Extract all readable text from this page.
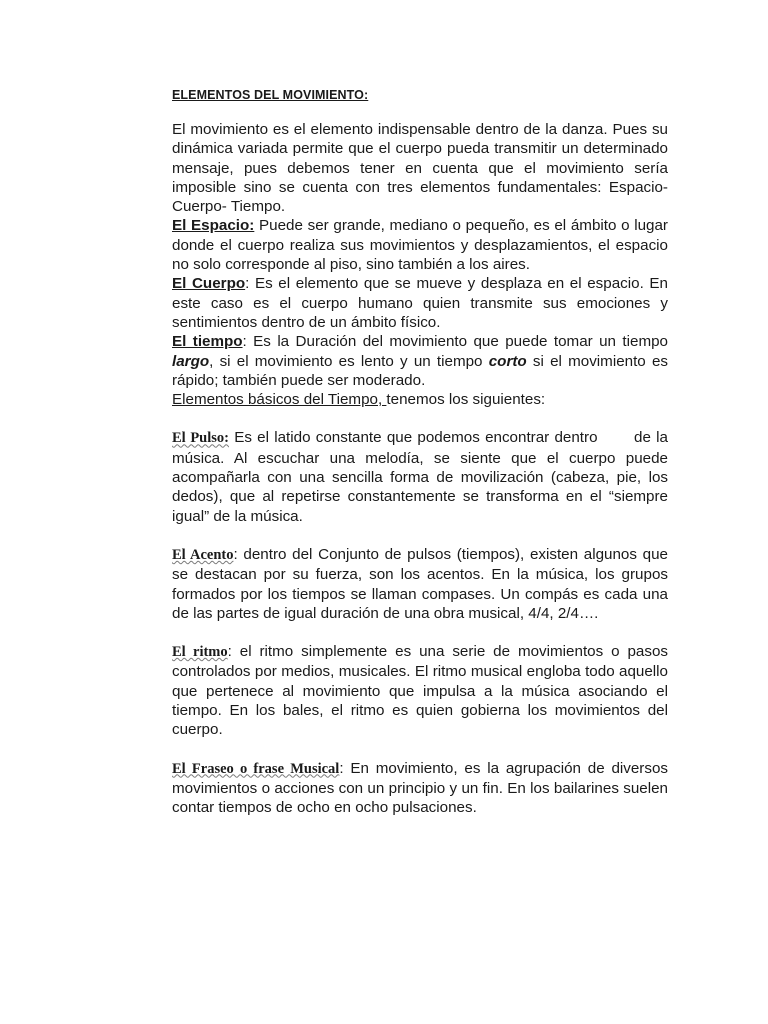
ELEMENTOS DEL MOVIMIENTO:

El movimiento es el elemento indispensable dentro de la danza. Pues su dinámica variada permite que el cuerpo pueda transmitir un determinado mensaje, pues debemos tener en cuenta que el movimiento sería imposible sino se cuenta con tres elementos fundamentales: Espacio- Cuerpo- Tiempo.

El Espacio: Puede ser grande, mediano o pequeño, es el ámbito o lugar donde el cuerpo realiza sus movimientos y desplazamientos, el espacio no solo corresponde al piso, sino también a los aires.

El Cuerpo: Es el elemento que se mueve y desplaza en el espacio. En este caso es el cuerpo humano quien transmite sus emociones y sentimientos dentro de un ámbito físico.

El tiempo: Es la Duración del movimiento que puede tomar un tiempo largo, si el movimiento es lento y un tiempo corto si el movimiento es rápido; también puede ser moderado.

Elementos básicos del Tiempo, tenemos los siguientes:

El Pulso: Es el latido constante que podemos encontrar dentro       de la música. Al escuchar una melodía, se siente que el cuerpo puede acompañarla con una sencilla forma de movilización (cabeza, pie, los dedos), que al repetirse constantemente se transforma en el “siempre igual” de la música.

El Acento: dentro del Conjunto de pulsos (tiempos), existen algunos que se destacan por su fuerza, son los acentos. En la música, los grupos formados por los tiempos se llaman compases. Un compás es cada una de las partes de igual duración de una obra musical, 4/4, 2/4….

El ritmo: el ritmo simplemente es una serie de movimientos o pasos controlados por medios, musicales. El ritmo musical engloba todo aquello que pertenece al movimiento que impulsa a la música asociando el tiempo. En los bales, el ritmo es quien gobierna los movimientos del cuerpo.

El Fraseo o frase Musical: En movimiento, es la agrupación de diversos movimientos o acciones con un principio y un fin. En los bailarines suelen contar tiempos de ocho en ocho pulsaciones.
